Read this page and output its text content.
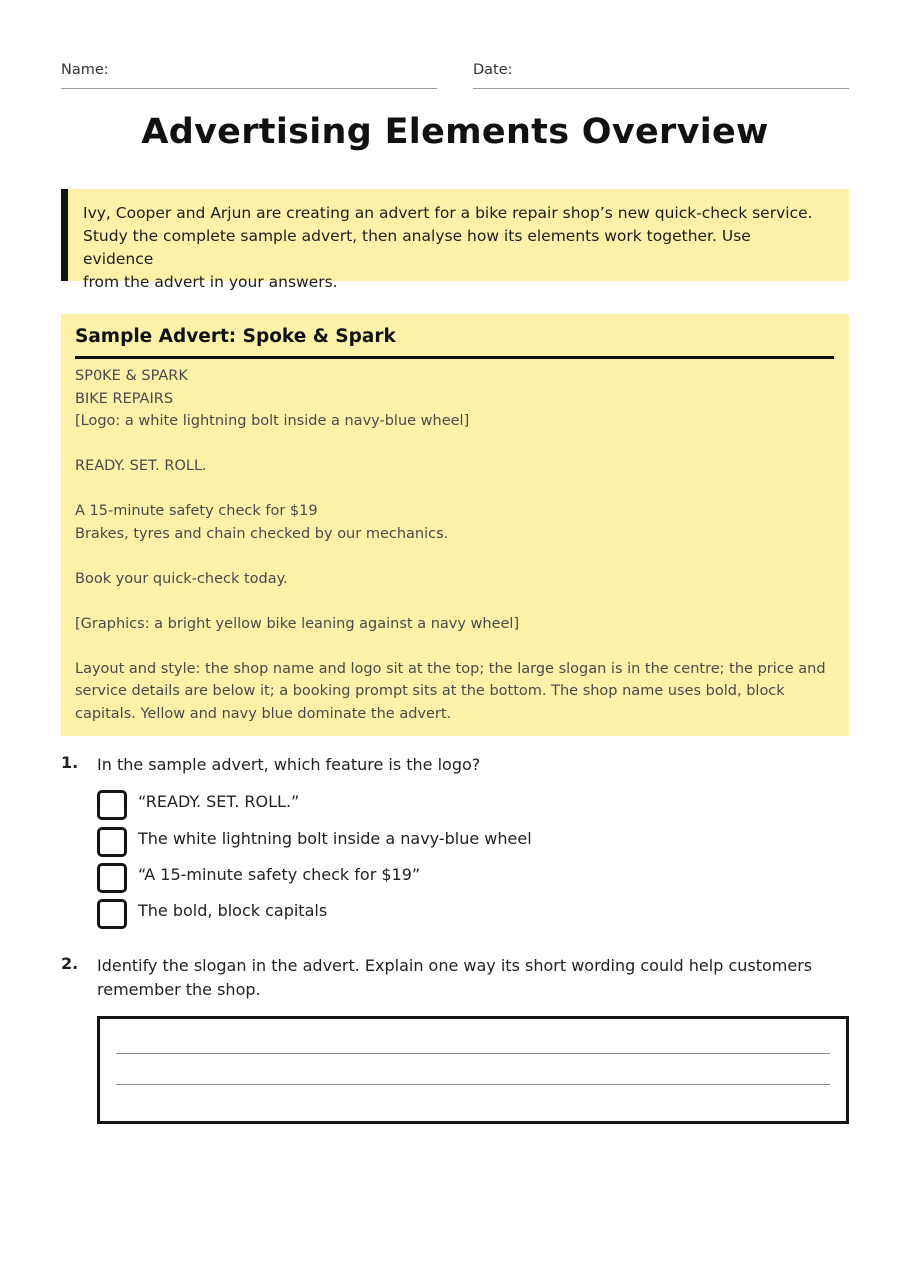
Name:	Date:
Advertising Elements Overview
Ivy, Cooper and Arjun are creating an advert for a bike repair shop’s new quick-check service.
Study the complete sample advert, then analyse how its elements work together. Use evidence
from the advert in your answers.
Sample Advert: Spoke & Spark
SP0KE & SPARK
BIKE REPAIRS
[Logo: a white lightning bolt inside a navy-blue wheel]
READY. SET. ROLL.
A 15-minute safety check for $19
Brakes, tyres and chain checked by our mechanics.
Book your quick-check today.
[Graphics: a bright yellow bike leaning against a navy wheel]
Layout and style: the shop name and logo sit at the top; the large slogan is in the centre; the price and
service details are below it; a booking prompt sits at the bottom. The shop name uses bold, block
capitals. Yellow and navy blue dominate the advert.
1. In the sample advert, which feature is the logo?
“READY. SET. ROLL.”
The white lightning bolt inside a navy-blue wheel
“A 15-minute safety check for $19”
The bold, block capitals
2. Identify the slogan in the advert. Explain one way its short wording could help customers remember the shop.
